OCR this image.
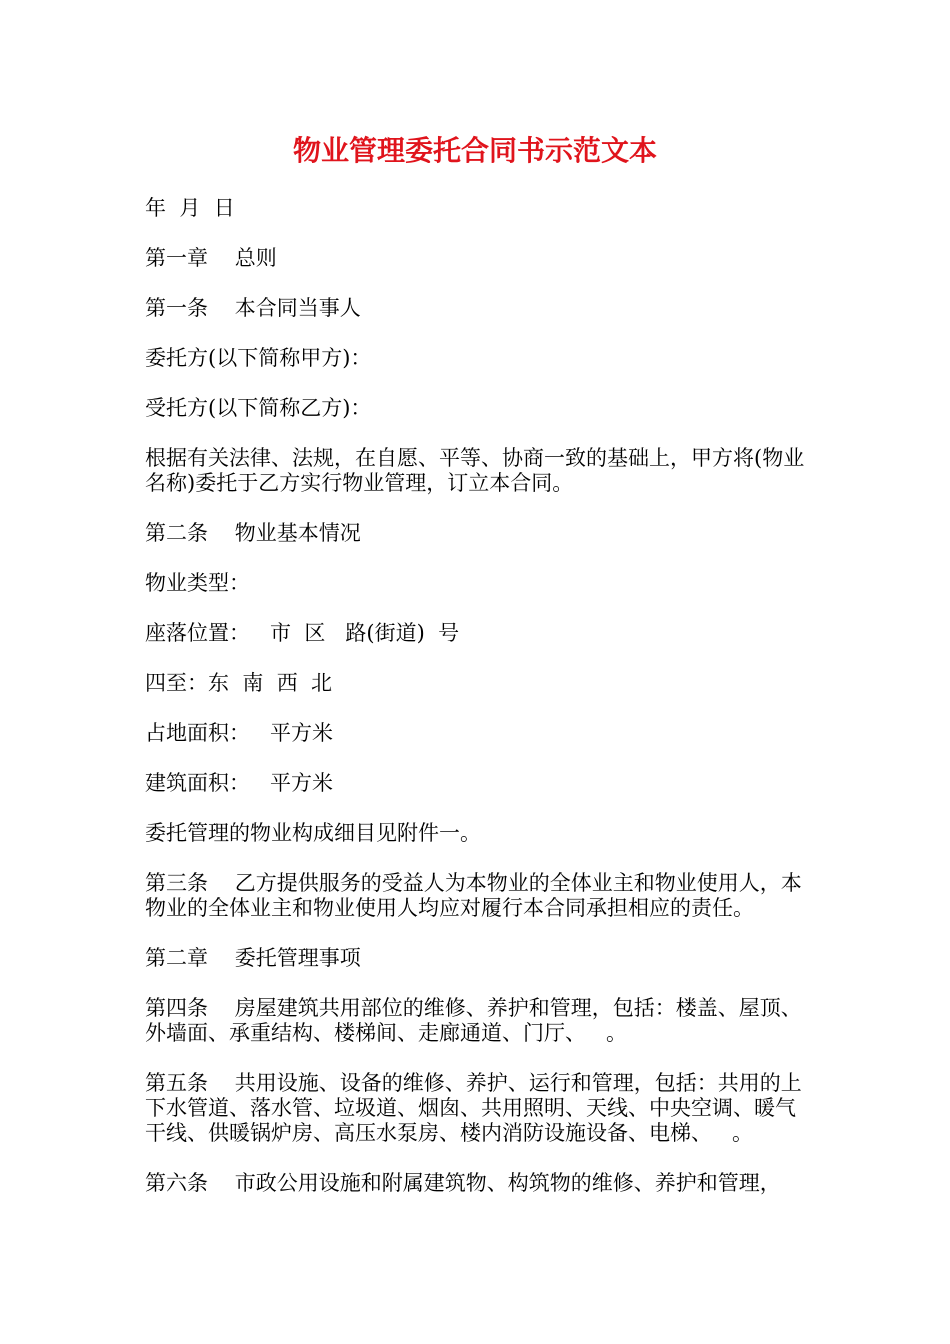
物业管理委托合同书示范文本

年  月  日

第一章    总则

第一条    本合同当事人

委托方(以下简称甲方)：

受托方(以下简称乙方)：

根据有关法律、法规，在自愿、平等、协商一致的基础上，甲方将(物业名称)委托于乙方实行物业管理，订立本合同。

第二条    物业基本情况

物业类型：

座落位置：   市  区   路(街道)  号

四至：东  南  西  北

占地面积：   平方米

建筑面积：   平方米

委托管理的物业构成细目见附件一。

第三条    乙方提供服务的受益人为本物业的全体业主和物业使用人，本物业的全体业主和物业使用人均应对履行本合同承担相应的责任。

第二章    委托管理事项

第四条    房屋建筑共用部位的维修、养护和管理，包括：楼盖、屋顶、外墙面、承重结构、楼梯间、走廊通道、门厅、   。

第五条    共用设施、设备的维修、养护、运行和管理，包括：共用的上下水管道、落水管、垃圾道、烟囱、共用照明、天线、中央空调、暖气干线、供暖锅炉房、高压水泵房、楼内消防设施设备、电梯、   。

第六条    市政公用设施和附属建筑物、构筑物的维修、养护和管理，
